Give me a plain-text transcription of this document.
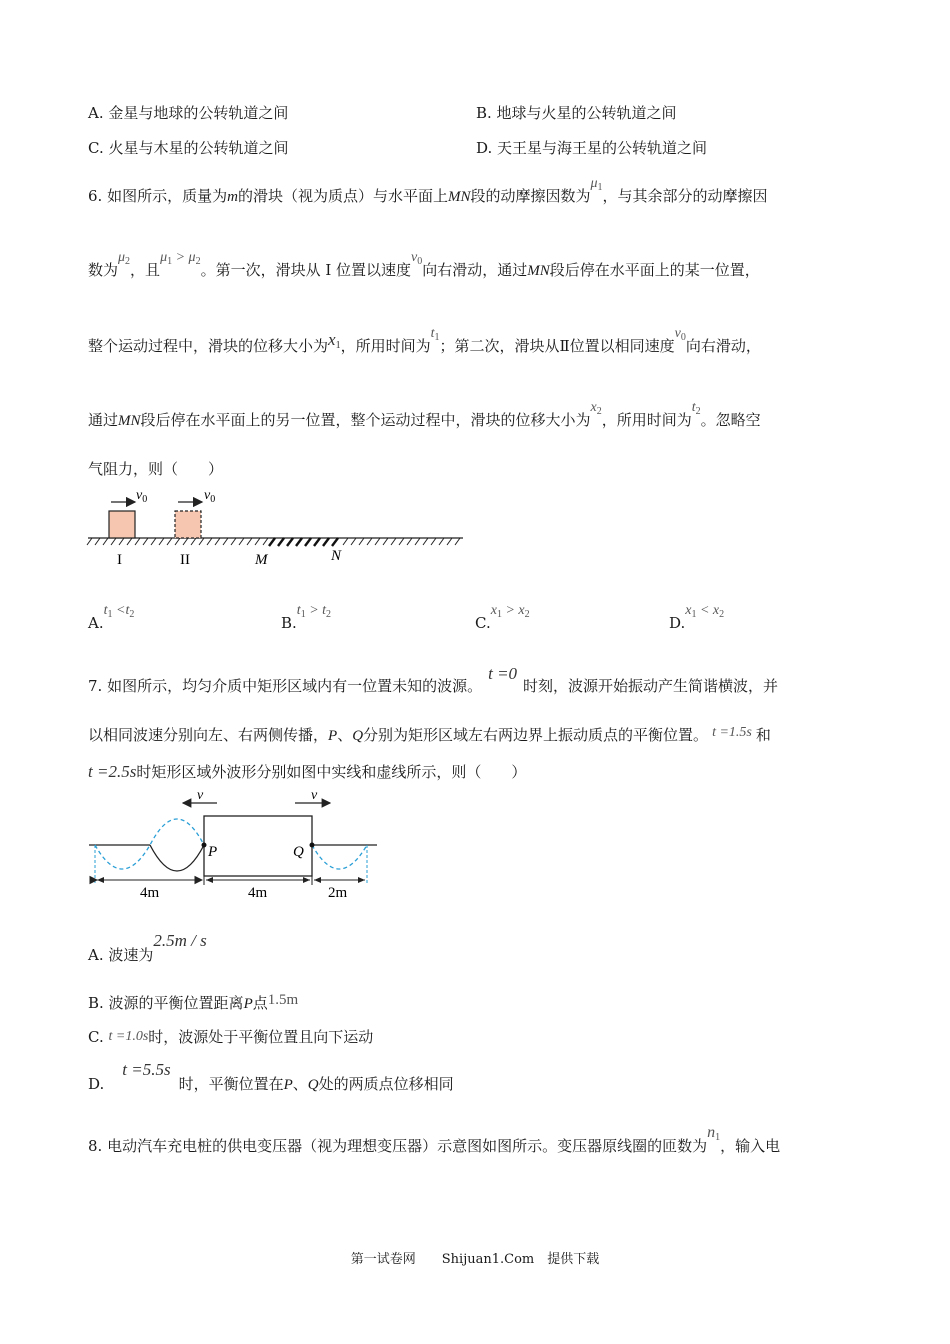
A. 金星与地球的公转轨道之间	B. 地球与火星的公转轨道之间
C. 火星与木星的公转轨道之间	D. 天王星与海王星的公转轨道之间
6. 如图所示，质量为m的滑块（视为质点）与水平面上MN段的动摩擦因数为$\mu_1$，与其余部分的动摩擦因
数为$\mu_2$，且$\mu_1 > \mu_2$。第一次，滑块从 I 位置以速度$v_0$向右滑动，通过MN段后停在水平面上的某一位置，
整个运动过程中，滑块的位移大小为$x_1$，所用时间为$t_1$；第二次，滑块从Ⅱ位置以相同速度$v_0$向右滑动，
通过MN段后停在水平面上的另一位置，整个运动过程中，滑块的位移大小为$x_2$，所用时间为$t_2$。忽略空
气阻力，则（　　）
$v_0$	$v_0$
I	II	M	N
$A.t_1 <t_2$	$B.t_1 > t_2$	$C.x_1 > x_2$	$D.x_1 < x_2$
7. 如图所示，均匀介质中矩形区域内有一位置未知的波源。t =0时刻，波源开始振动产生简谐横波，并
以相同波速分别向左、右两侧传播，P、Q分别为矩形区域左右两边界上振动质点的平衡位置。 t =1.5s 和
t =2.5s时矩形区域外波形分别如图中实线和虚线所示，则（　　）
v	v
P	Q
4m	4m	2m
A. 波速为2.5m / s
B. 波源的平衡位置距离P点1.5m
C. t =1.0s时，波源处于平衡位置且向下运动
D.t =5.5s时，平衡位置在P、Q处的两质点位移相同
8. 电动汽车充电桩的供电变压器（视为理想变压器）示意图如图所示。变压器原线圈的匝数为$n_1$，输入电
第一试卷网　　Shijuan1.Com　提供下载
